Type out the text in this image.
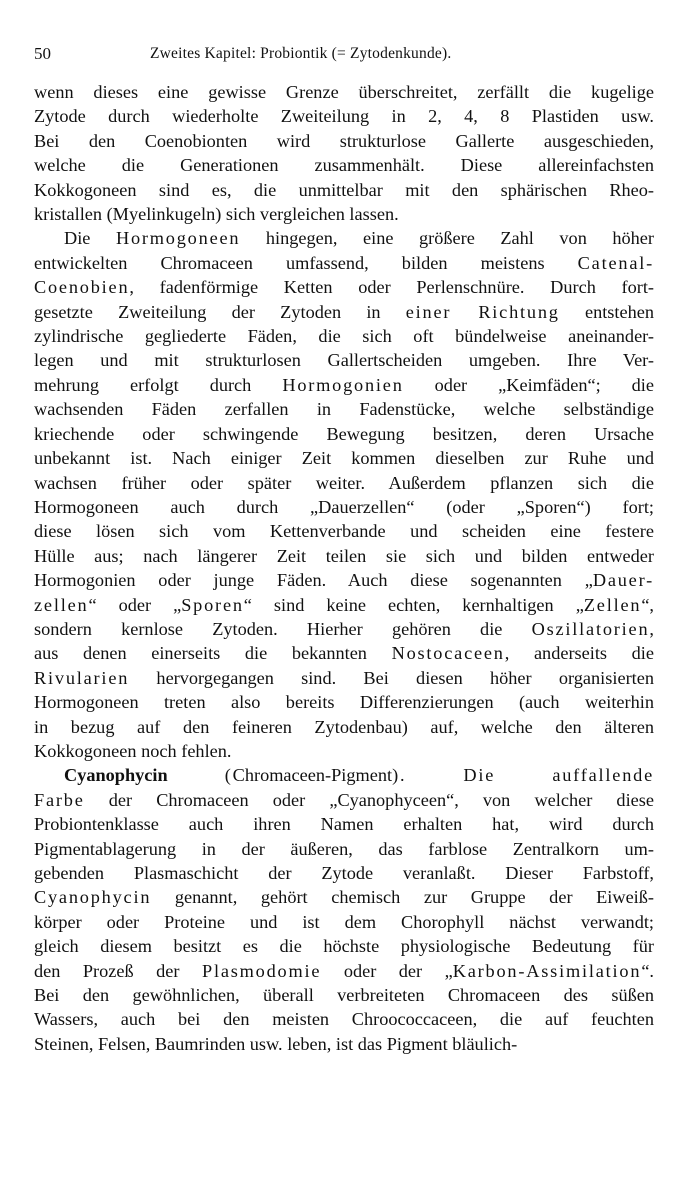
50	Zweites Kapitel: Probiontik (= Zytodenkunde).

wenn dieses eine gewisse Grenze überschreitet, zerfällt die kugelige
Zytode durch wiederholte Zweiteilung in 2, 4, 8 Plastiden usw.
Bei den Coenobionten wird strukturlose Gallerte ausgeschieden,
welche die Generationen zusammenhält. Diese allereinfachsten
Kokkogoneen sind es, die unmittelbar mit den sphärischen Rheo-
kristallen (Myelinkugeln) sich vergleichen lassen.

Die Hormogoneen hingegen, eine größere Zahl von höher
entwickelten Chromaceen umfassend, bilden meistens Catenal-
Coenobien, fadenförmige Ketten oder Perlenschnüre. Durch fort-
gesetzte Zweiteilung der Zytoden in einer Richtung entstehen
zylindrische gegliederte Fäden, die sich oft bündelweise aneinander-
legen und mit strukturlosen Gallertscheiden umgeben. Ihre Ver-
mehrung erfolgt durch Hormogonien oder „Keimfäden“; die
wachsenden Fäden zerfallen in Fadenstücke, welche selbständige
kriechende oder schwingende Bewegung besitzen, deren Ursache
unbekannt ist. Nach einiger Zeit kommen dieselben zur Ruhe und
wachsen früher oder später weiter. Außerdem pflanzen sich die
Hormogoneen auch durch „Dauerzellen“ (oder „Sporen“) fort;
diese lösen sich vom Kettenverbande und scheiden eine festere
Hülle aus; nach längerer Zeit teilen sie sich und bilden entweder
Hormogonien oder junge Fäden. Auch diese sogenannten „Dauer-
zellen“ oder „Sporen“ sind keine echten, kernhaltigen „Zellen“,
sondern kernlose Zytoden. Hierher gehören die Oszillatorien,
aus denen einerseits die bekannten Nostocaceen, anderseits die
Rivularien hervorgegangen sind. Bei diesen höher organisierten
Hormogoneen treten also bereits Differenzierungen (auch weiterhin
in bezug auf den feineren Zytodenbau) auf, welche den älteren
Kokkogoneen noch fehlen.

Cyanophycin (Chromaceen-Pigment). Die auffallende
Farbe der Chromaceen oder „Cyanophyceen“, von welcher diese
Probiontenklasse auch ihren Namen erhalten hat, wird durch
Pigmentablagerung in der äußeren, das farblose Zentralkorn um-
gebenden Plasmaschicht der Zytode veranlaßt. Dieser Farbstoff,
Cyanophycin genannt, gehört chemisch zur Gruppe der Eiweiß-
körper oder Proteine und ist dem Chorophyll nächst verwandt;
gleich diesem besitzt es die höchste physiologische Bedeutung für
den Prozeß der Plasmodomie oder der „Karbon-Assimilation“.
Bei den gewöhnlichen, überall verbreiteten Chromaceen des süßen
Wassers, auch bei den meisten Chroococcaceen, die auf feuchten
Steinen, Felsen, Baumrinden usw. leben, ist das Pigment bläulich-
